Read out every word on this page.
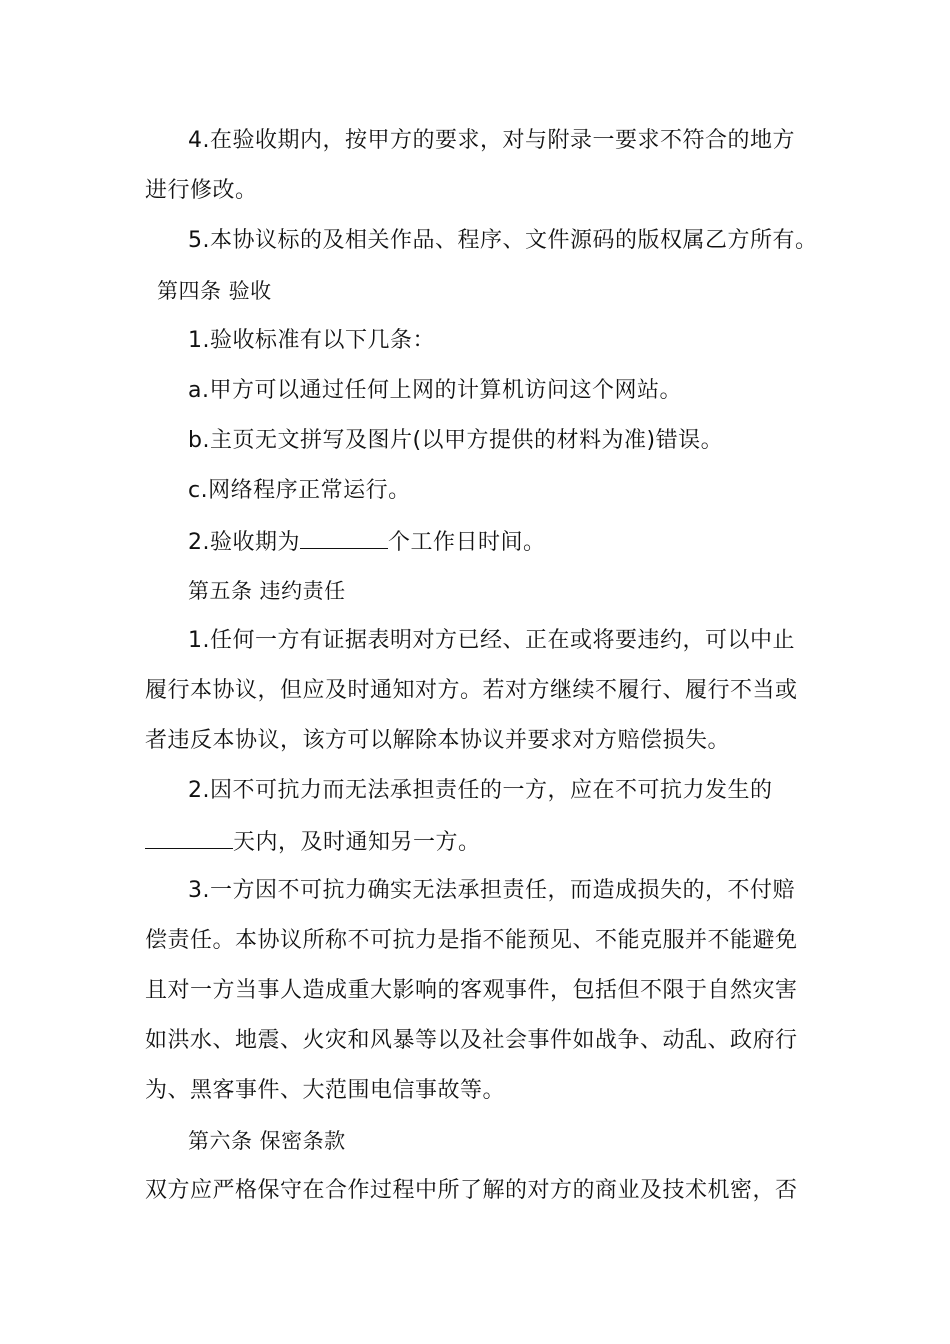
4.在验收期内，按甲方的要求，对与附录一要求不符合的地方
进行修改。
5.本协议标的及相关作品、程序、文件源码的版权属乙方所有。
第四条 验收
1.验收标准有以下几条：
a.甲方可以通过任何上网的计算机访问这个网站。
b.主页无文拼写及图片(以甲方提供的材料为准)错误。
c.网络程序正常运行。
2.验收期为	个工作日时间。
第五条 违约责任
1.任何一方有证据表明对方已经、正在或将要违约，可以中止
履行本协议，但应及时通知对方。若对方继续不履行、履行不当或
者违反本协议，该方可以解除本协议并要求对方赔偿损失。
2.因不可抗力而无法承担责任的一方，应在不可抗力发生的
天内，及时通知另一方。
3.一方因不可抗力确实无法承担责任，而造成损失的，不付赔
偿责任。本协议所称不可抗力是指不能预见、不能克服并不能避免
且对一方当事人造成重大影响的客观事件，包括但不限于自然灾害
如洪水、地震、火灾和风暴等以及社会事件如战争、动乱、政府行
为、黑客事件、大范围电信事故等。
第六条 保密条款
双方应严格保守在合作过程中所了解的对方的商业及技术机密，否
